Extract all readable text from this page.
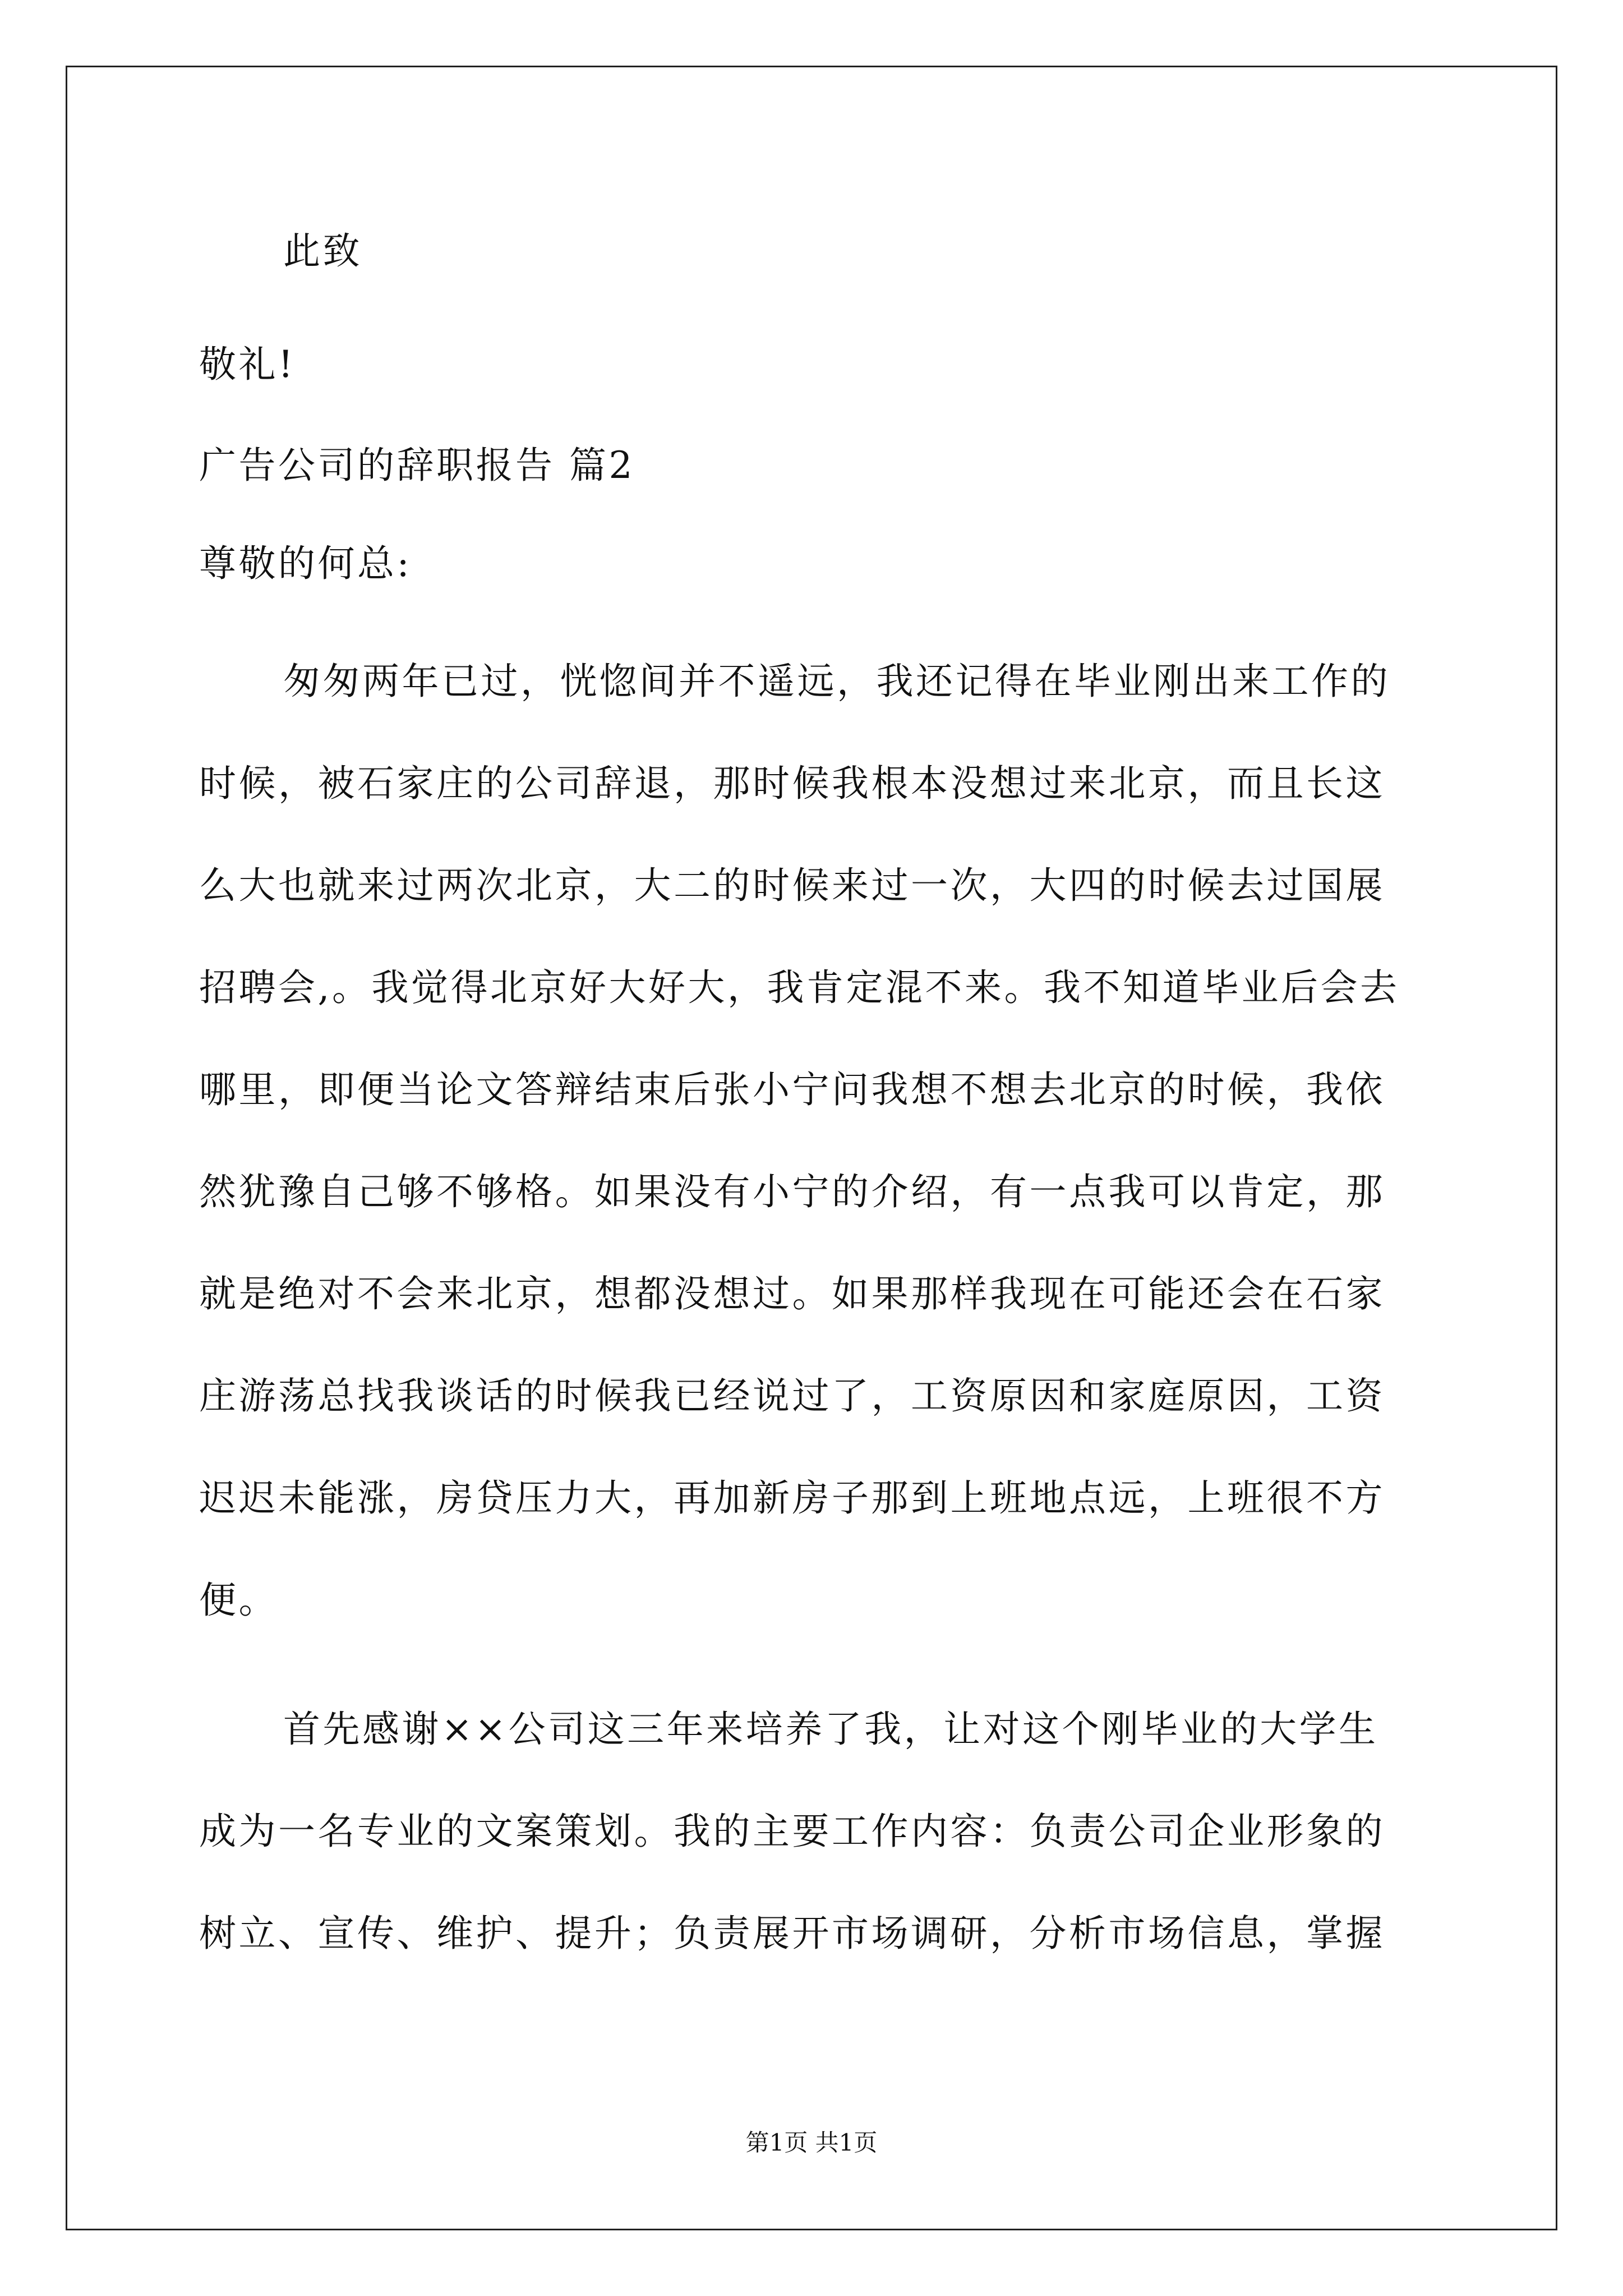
此致
敬礼!
广告公司的辞职报告 篇2
尊敬的何总:
匆匆两年已过，恍惚间并不遥远，我还记得在毕业刚出来工作的
时候，被石家庄的公司辞退，那时候我根本没想过来北京，而且长这
么大也就来过两次北京，大二的时候来过一次，大四的时候去过国展
招聘会,。我觉得北京好大好大，我肯定混不来。我不知道毕业后会去
哪里，即便当论文答辩结束后张小宁问我想不想去北京的时候，我依
然犹豫自己够不够格。如果没有小宁的介绍，有一点我可以肯定，那
就是绝对不会来北京，想都没想过。如果那样我现在可能还会在石家
庄游荡总找我谈话的时候我已经说过了，工资原因和家庭原因，工资
迟迟未能涨，房贷压力大，再加新房子那到上班地点远，上班很不方
便。
首先感谢××公司这三年来培养了我，让对这个刚毕业的大学生
成为一名专业的文案策划。我的主要工作内容：负责公司企业形象的
树立、宣传、维护、提升；负责展开市场调研，分析市场信息，掌握
第1页 共1页
